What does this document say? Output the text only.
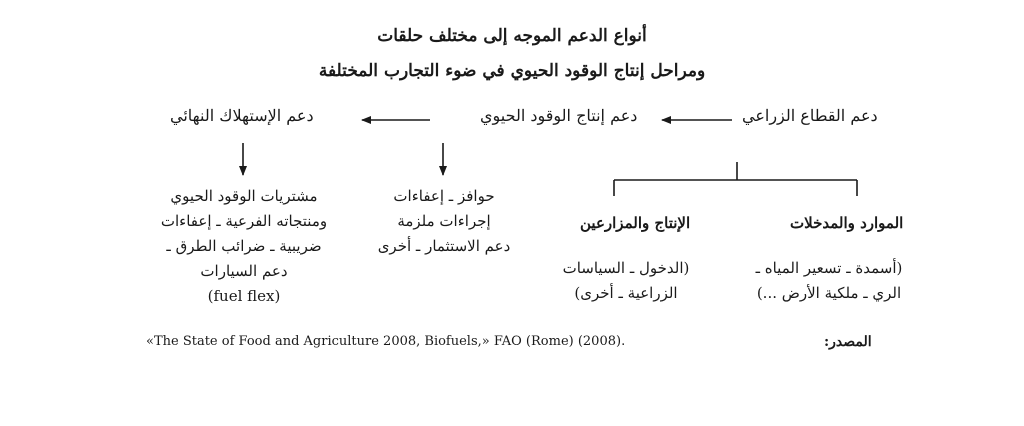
أنواع الدعم الموجه إلى مختلف حلقات
ومراحل إنتاج الوقود الحيوي في ضوء التجارب المختلفة
دعم القطاع الزراعي
دعم إنتاج الوقود الحيوي
دعم الإستهلاك النهائي
الموارد والمدخلات
(أسمدة ـ تسعير المياه ـ
الري ـ ملكية الأرض ...)
الإنتاج والمزارعين
(الدخول ـ السياسات
الزراعية ـ أخرى)
حوافز ـ إعفاءات
إجراءات ملزمة
دعم الاستثمار ـ أخرى
مشتريات الوقود الحيوي
ومنتجاته الفرعية ـ إعفاءات
ضريبية ـ ضرائب الطرق ـ
دعم السيارات
(fuel flex)
المصدر:
«The State of Food and Agriculture 2008, Biofuels,» FAO (Rome) (2008).
